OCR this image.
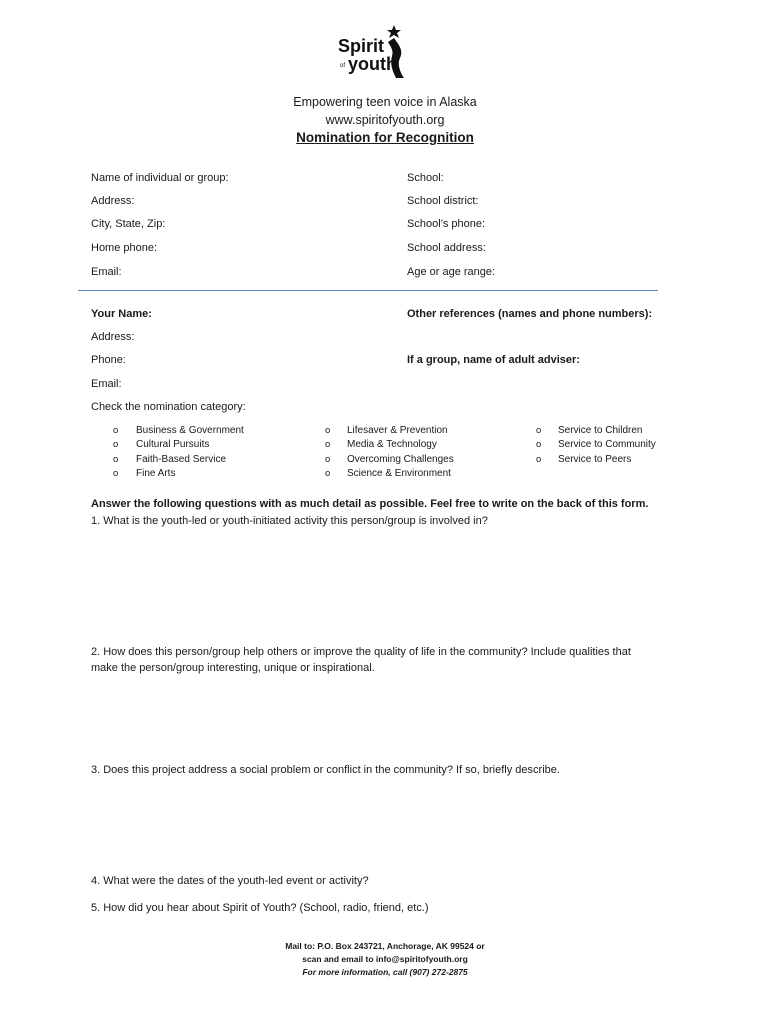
Spirit
of youth
Empowering teen voice in Alaska
www.spiritofyouth.org
Nomination for Recognition
Name of individual or group:
Address:
City, State, Zip:
Home phone:
Email:
School:
School district:
School’s phone:
School address:
Age or age range:
Your Name:	Other references (names and phone numbers):
Address:
Phone:	If a group, name of adult adviser:
Email:
Check the nomination category:
o Business & Government
o Cultural Pursuits
o Faith-Based Service
o Fine Arts
o Lifesaver & Prevention
o Media & Technology
o Overcoming Challenges
o Science & Environment
o Service to Children
o Service to Community
o Service to Peers
Answer the following questions with as much detail as possible. Feel free to write on the back of this form.
1. What is the youth-led or youth-initiated activity this person/group is involved in?
2. How does this person/group help others or improve the quality of life in the community? Include qualities that
make the person/group interesting, unique or inspirational.
3. Does this project address a social problem or conflict in the community? If so, briefly describe.
4. What were the dates of the youth-led event or activity?
5. How did you hear about Spirit of Youth? (School, radio, friend, etc.)
Mail to: P.O. Box 243721, Anchorage, AK 99524 or
scan and email to info@spiritofyouth.org
For more information, call (907) 272-2875
